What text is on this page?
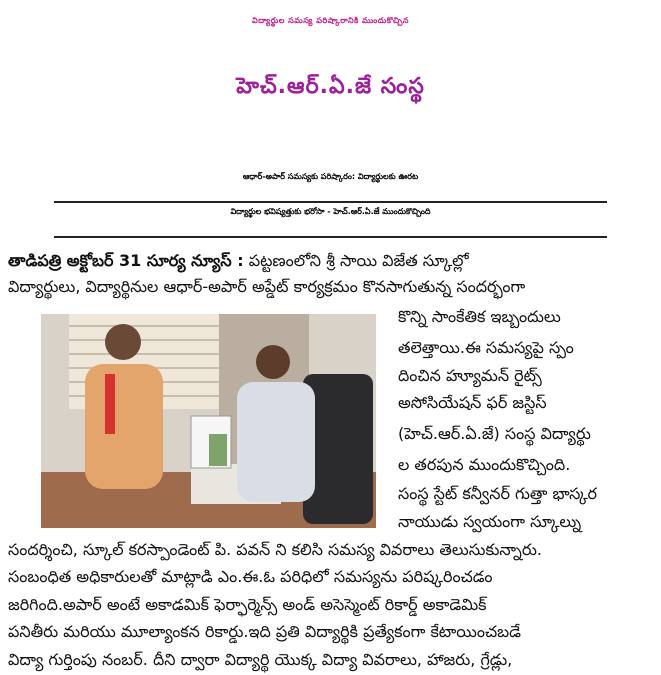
విద్యార్థుల సమస్య పరిష్కారానికి ముందుకొచ్చిన
హెచ్.ఆర్.ఏ.జే సంస్థ
ఆధార్-అపార్ సమస్యకు పరిష్కారం: విద్యార్థులకు ఊరట
విద్యార్థుల భవిష్యత్తుకు భరోసా - హెచ్.ఆర్.ఏ.జే ముందుకొచ్చింది
తాడిపత్రి అక్టోబర్ 31 సూర్య న్యూస్ : పట్టణంలోని శ్రీ సాయి విజేత స్కూల్లో
విద్యార్థులు, విద్యార్థినుల ఆధార్-అపార్ అప్డేట్ కార్యక్రమం కొనసాగుతున్న సందర్భంగా
కొన్ని సాంకేతిక ఇబ్బందులు
తలెత్తాయి.ఈ సమస్యపై స్పం
దించిన హ్యూమన్ రైట్స్
అసోసియేషన్ ఫర్ జస్టిస్
(హెచ్.ఆర్.ఏ.జే) సంస్థ విద్యార్థు
ల తరపున ముందుకొచ్చింది.
సంస్థ స్టేట్ కన్వీనర్ గుత్తా భాస్కర
నాయుడు స్వయంగా స్కూల్ను
సందర్శించి, స్కూల్ కరస్పాండెంట్ పి. పవన్ ని కలిసి సమస్య వివరాలు తెలుసుకున్నారు.
సంబంధిత అధికారులతో మాట్లాడి ఎం.ఈ.ఓ పరిధిలో సమస్యను పరిష్కరించడం
జరిగింది.అపార్ అంటే అకాడమిక్ ఫెర్ఫార్మెన్స్ అండ్ అసెస్మెంట్ రికార్డ్ అకాడెమిక్
పనితీరు మరియు మూల్యాంకన రికార్డు.ఇది ప్రతి విద్యార్థికి ప్రత్యేకంగా కేటాయించబడే
విద్యా గుర్తింపు నంబర్. దీని ద్వారా విద్యార్థి యొక్క విద్యా వివరాలు, హాజరు, గ్రేడ్లు,
